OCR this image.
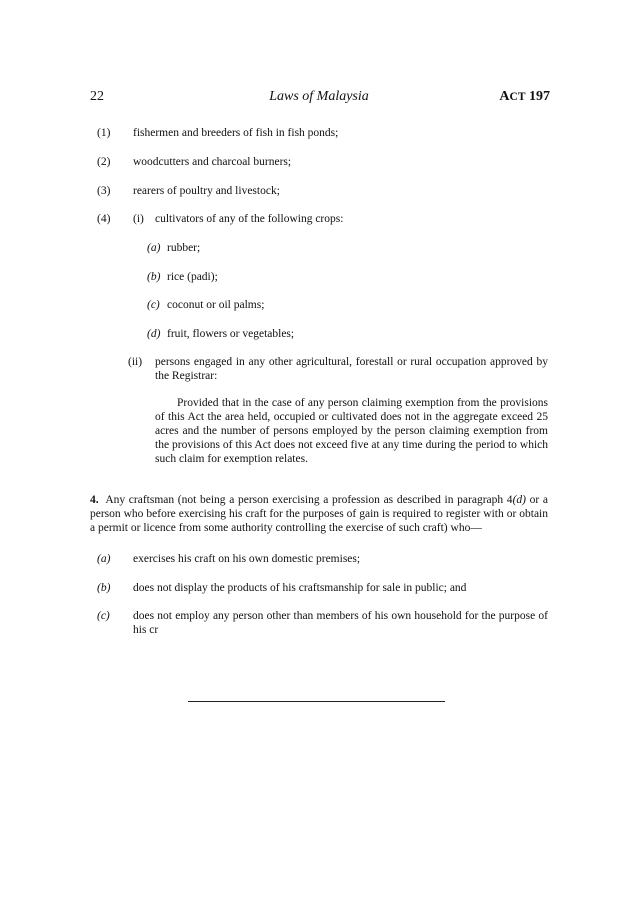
22	Laws of Malaysia	ACT 197
(1) fishermen and breeders of fish in fish ponds;
(2) woodcutters and charcoal burners;
(3) rearers of poultry and livestock;
(4) (i) cultivators of any of the following crops:
(a) rubber;
(b) rice (padi);
(c) coconut or oil palms;
(d) fruit, flowers or vegetables;
(ii) persons engaged in any other agricultural, forestall or rural occupation approved by the Registrar:
Provided that in the case of any person claiming exemption from the provisions of this Act the area held, occupied or cultivated does not in the aggregate exceed 25 acres and the number of persons employed by the person claiming exemption from the provisions of this Act does not exceed five at any time during the period to which such claim for exemption relates.
4. Any craftsman (not being a person exercising a profession as described in paragraph 4(d) or a person who before exercising his craft for the purposes of gain is required to register with or obtain a permit or licence from some authority controlling the exercise of such craft) who—
(a) exercises his craft on his own domestic premises;
(b) does not display the products of his craftsmanship for sale in public; and
(c) does not employ any person other than members of his own household for the purpose of his cr
